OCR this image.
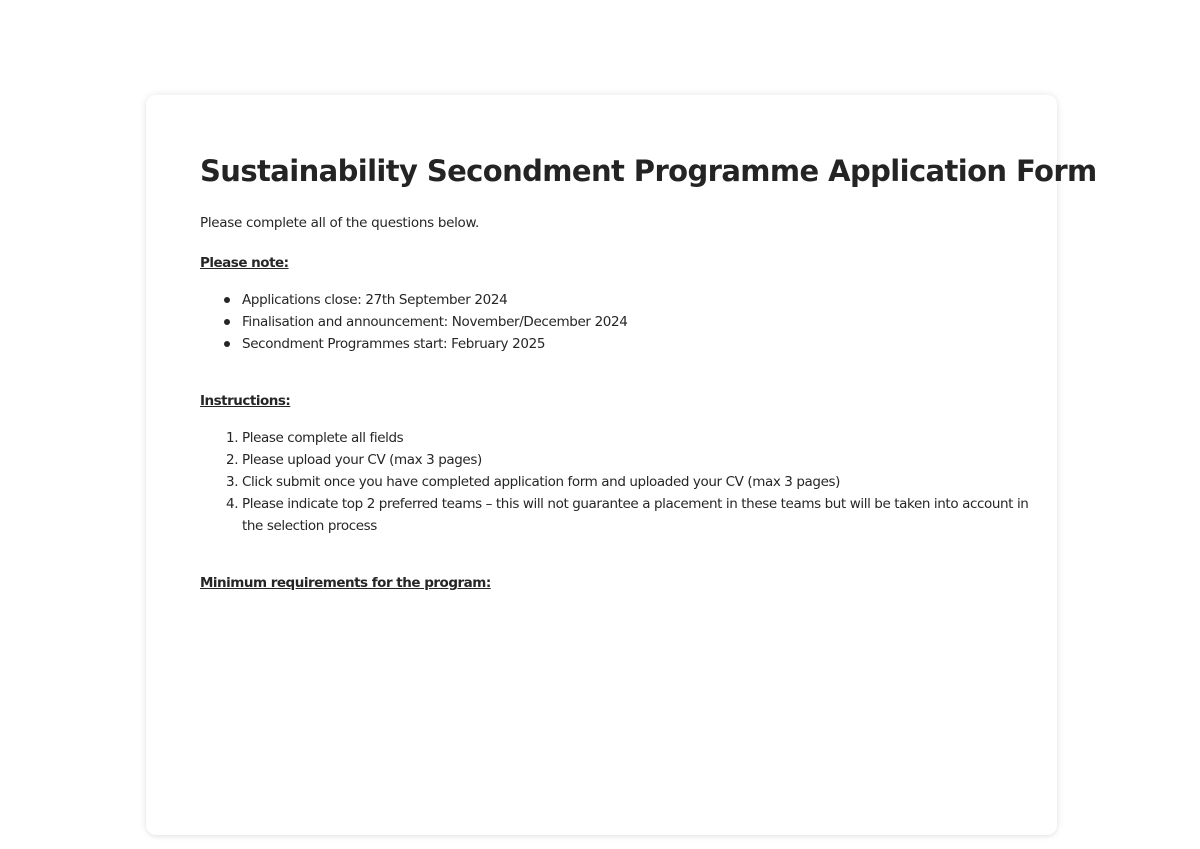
Sustainability Secondment Programme Application Form

Please complete all of the questions below.

Please note:

Applications close: 27th September 2024
Finalisation and announcement: November/December 2024
Secondment Programmes start: February 2025

Instructions:

1. Please complete all fields
2. Please upload your CV (max 3 pages)
3. Click submit once you have completed application form and uploaded your CV (max 3 pages)
4. Please indicate top 2 preferred teams – this will not guarantee a placement in these teams but will be taken into account in the selection process

Minimum requirements for the program:
